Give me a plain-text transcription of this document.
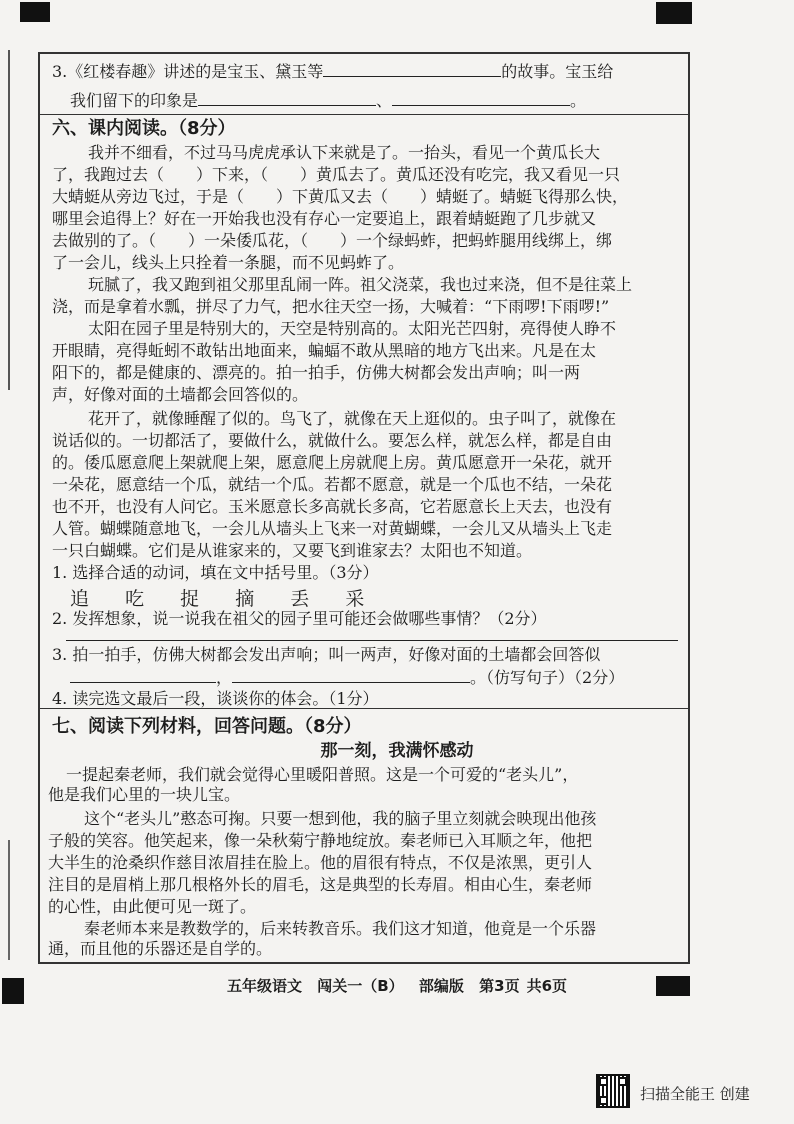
3.《红楼春趣》讲述的是宝玉、黛玉等	的故事。宝玉给
我们留下的印象是	、	。
六、课内阅读。（8分）
我并不细看，不过马马虎虎承认下来就是了。一抬头，看见一个黄瓜长大
了，我跑过去（　　）下来，（　　）黄瓜去了。黄瓜还没有吃完，我又看见一只
大蜻蜓从旁边飞过，于是（　　）下黄瓜又去（　　）蜻蜓了。蜻蜓飞得那么快，
哪里会追得上？好在一开始我也没有存心一定要追上，跟着蜻蜓跑了几步就又
去做别的了。（　　）一朵倭瓜花，（　　）一个绿蚂蚱，把蚂蚱腿用线绑上，绑
了一会儿，线头上只拴着一条腿，而不见蚂蚱了。
玩腻了，我又跑到祖父那里乱闹一阵。祖父浇菜，我也过来浇，但不是往菜上
浇，而是拿着水瓢，拼尽了力气，把水往天空一扬，大喊着：“下雨啰!下雨啰!”
太阳在园子里是特别大的，天空是特别高的。太阳光芒四射，亮得使人睁不
开眼睛，亮得蚯蚓不敢钻出地面来，蝙蝠不敢从黑暗的地方飞出来。凡是在太
阳下的，都是健康的、漂亮的。拍一拍手，仿佛大树都会发出声响；叫一两
声，好像对面的土墙都会回答似的。
花开了，就像睡醒了似的。鸟飞了，就像在天上逛似的。虫子叫了，就像在
说话似的。一切都活了，要做什么，就做什么。要怎么样，就怎么样，都是自由
的。倭瓜愿意爬上架就爬上架，愿意爬上房就爬上房。黄瓜愿意开一朵花，就开
一朵花，愿意结一个瓜，就结一个瓜。若都不愿意，就是一个瓜也不结，一朵花
也不开，也没有人问它。玉米愿意长多高就长多高，它若愿意长上天去，也没有
人管。蝴蝶随意地飞，一会儿从墙头上飞来一对黄蝴蝶，一会儿又从墙头上飞走
一只白蝴蝶。它们是从谁家来的，又要飞到谁家去？太阳也不知道。
1. 选择合适的动词，填在文中括号里。（3分）
追 吃 捉 摘 丢 采
2. 发挥想象，说一说我在祖父的园子里可能还会做哪些事情？（2分）
七、阅读下列材料，回答问题。（8分）
那一刻，我满怀感动
一提起秦老师，我们就会觉得心里暖阳普照。这是一个可爱的“老头儿”，
他是我们心里的一块儿宝。
这个“老头儿”憨态可掬。只要一想到他，我的脑子里立刻就会映现出他孩
子般的笑容。他笑起来，像一朵秋菊宁静地绽放。秦老师已入耳顺之年，他把
大半生的沧桑织作慈目浓眉挂在脸上。他的眉很有特点，不仅是浓黑，更引人
注目的是眉梢上那几根格外长的眉毛，这是典型的长寿眉。相由心生，秦老师
的心性，由此便可见一斑了。
秦老师本来是教数学的，后来转教音乐。我们这才知道，他竟是一个乐器
通，而且他的乐器还是自学的。
3. 拍一拍手，仿佛大树都会发出声响；叫一两声，好像对面的土墙都会回答似
，	。（仿写句子）（2分）
五年级语文 闯关一（B） 部编版 第3页 共6页
扫描全能王 创建
4. 读完选文最后一段，谈谈你的体会。（1分）
